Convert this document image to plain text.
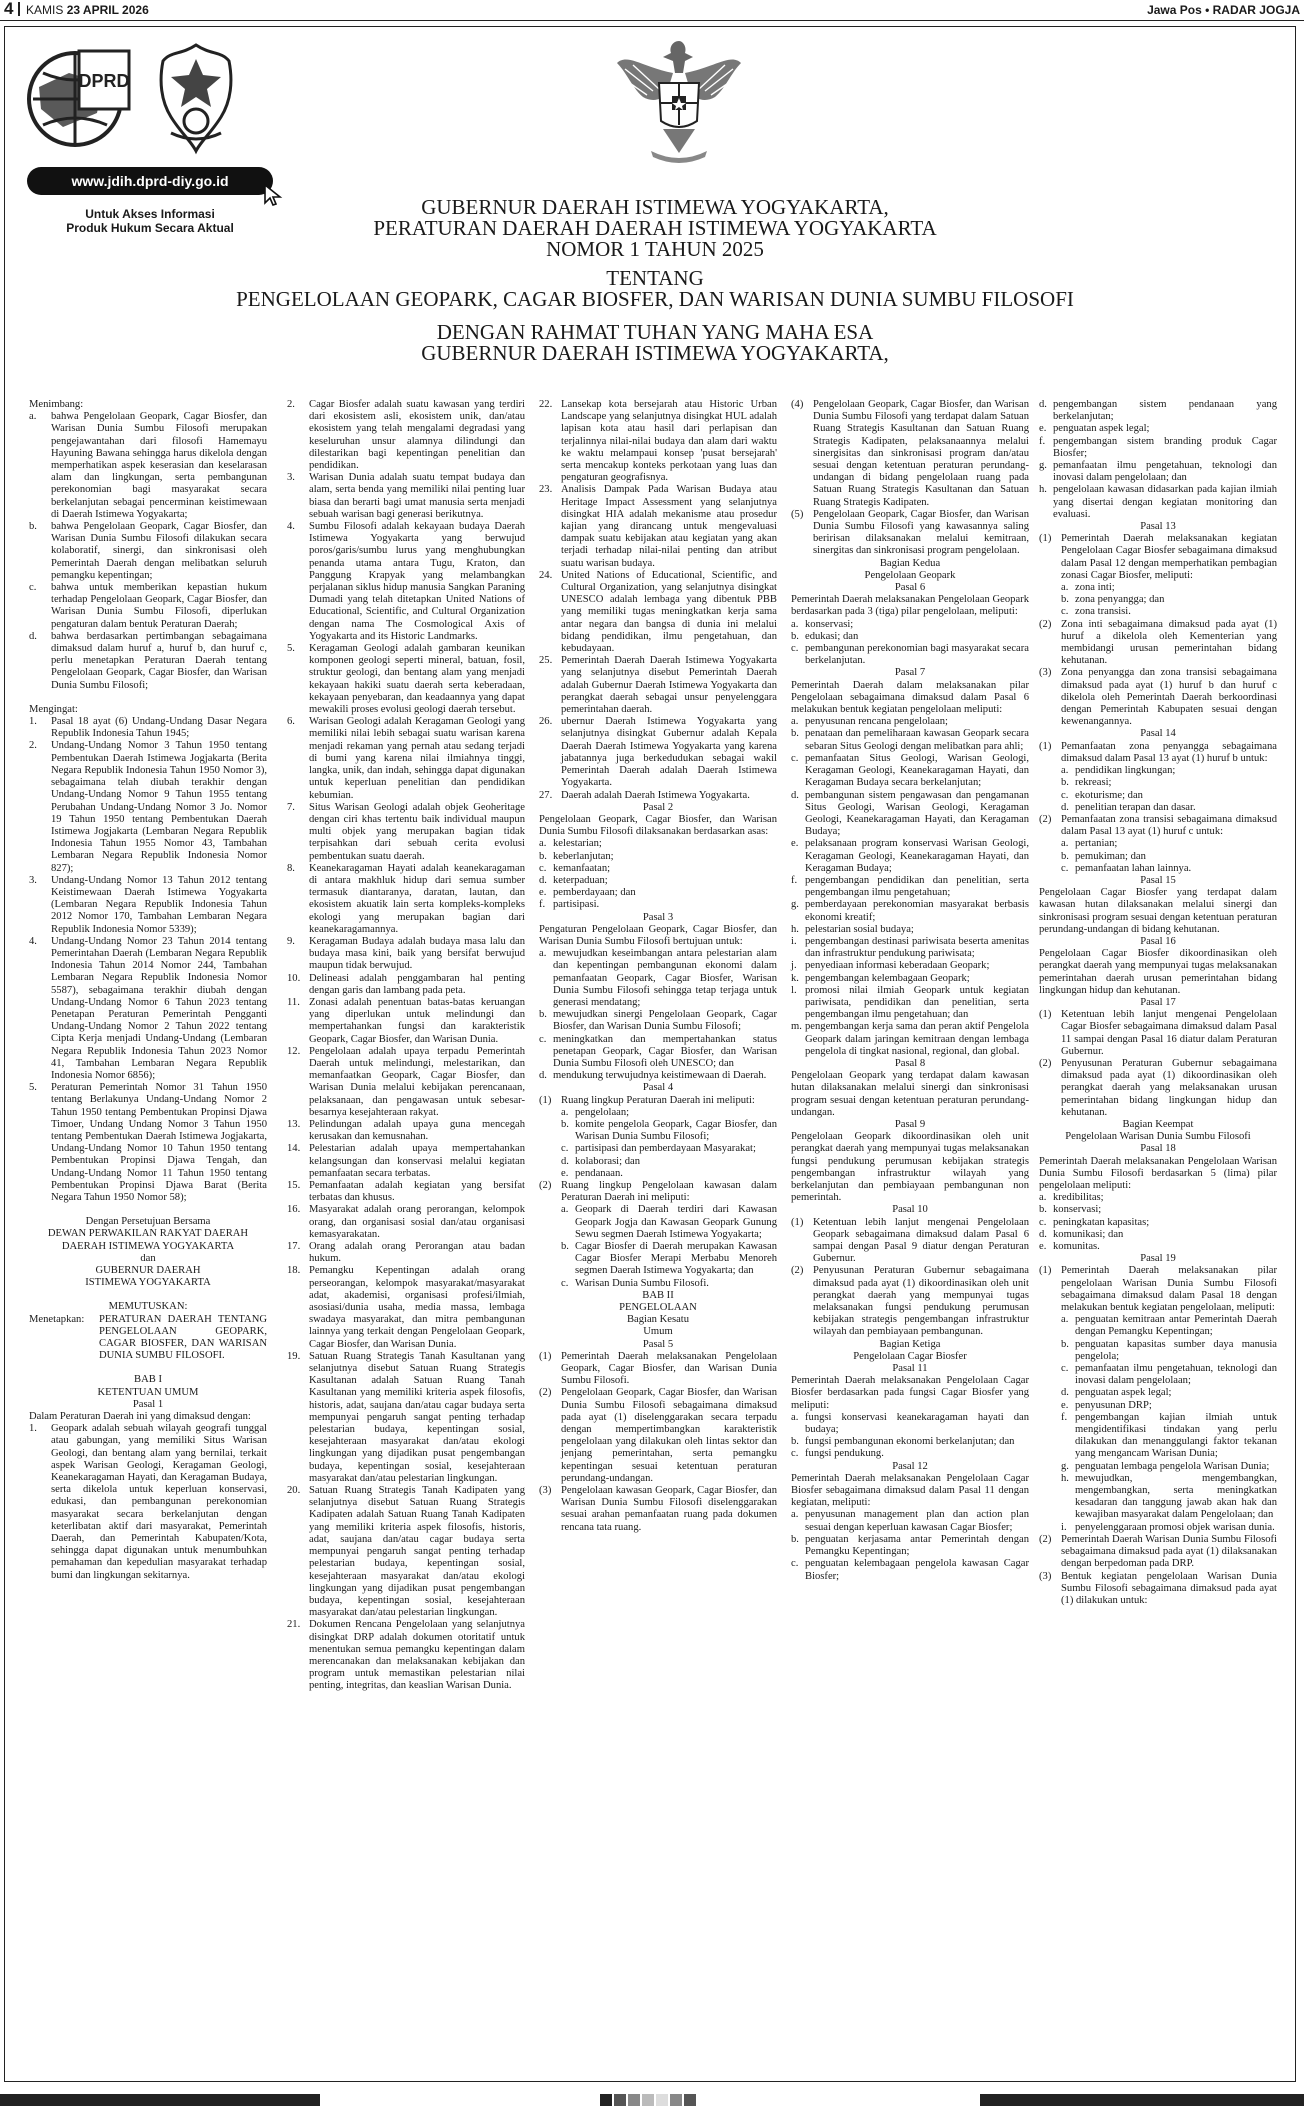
4 KAMIS 23 APRIL 2026	Jawa Pos • RADAR JOGJA
DPRD
www.jdih.dprd-diy.go.id
Untuk Akses Informasi
Produk Hukum Secara Aktual
GUBERNUR DAERAH ISTIMEWA YOGYAKARTA,
PERATURAN DAERAH DAERAH ISTIMEWA YOGYAKARTA
NOMOR 1 TAHUN 2025
TENTANG
PENGELOLAAN GEOPARK, CAGAR BIOSFER, DAN WARISAN DUNIA SUMBU FILOSOFI
DENGAN RAHMAT TUHAN YANG MAHA ESA
GUBERNUR DAERAH ISTIMEWA YOGYAKARTA,

Menimbang:

a. bahwa Pengelolaan Geopark, Cagar Biosfer, dan Warisan Dunia Sumbu Filosofi merupakan pengejawantahan dari filosofi Hamemayu Hayuning Bawana sehingga harus dikelola dengan memperhatikan aspek keserasian dan keselarasan alam dan lingkungan, serta pembangunan perekonomian bagi masyarakat secara berkelanjutan sebagai pencerminan keistimewaan di Daerah Istimewa Yogyakarta;
b. bahwa Pengelolaan Geopark, Cagar Biosfer, dan Warisan Dunia Sumbu Filosofi dilakukan secara kolaboratif, sinergi, dan sinkronisasi oleh Pemerintah Daerah dengan melibatkan seluruh pemangku kepentingan;
c. bahwa untuk memberikan kepastian hukum terhadap Pengelolaan Geopark, Cagar Biosfer, dan Warisan Dunia Sumbu Filosofi, diperlukan pengaturan dalam bentuk Peraturan Daerah;
d. bahwa berdasarkan pertimbangan sebagaimana dimaksud dalam huruf a, huruf b, dan huruf c, perlu menetapkan Peraturan Daerah tentang Pengelolaan Geopark, Cagar Biosfer, dan Warisan Dunia Sumbu Filosofi;

Mengingat:

1. Pasal 18 ayat (6) Undang-Undang Dasar Negara Republik Indonesia Tahun 1945;
2. Undang-Undang Nomor 3 Tahun 1950 tentang Pembentukan Daerah Istimewa Jogjakarta (Berita Negara Republik Indonesia Tahun 1950 Nomor 3), sebagaimana telah diubah terakhir dengan Undang-Undang Nomor 9 Tahun 1955 tentang Perubahan Undang-Undang Nomor 3 Jo. Nomor 19 Tahun 1950 tentang Pembentukan Daerah Istimewa Jogjakarta (Lembaran Negara Republik Indonesia Tahun 1955 Nomor 43, Tambahan Lembaran Negara Republik Indonesia Nomor 827);
3. Undang-Undang Nomor 13 Tahun 2012 tentang Keistimewaan Daerah Istimewa Yogyakarta (Lembaran Negara Republik Indonesia Tahun 2012 Nomor 170, Tambahan Lembaran Negara Republik Indonesia Nomor 5339);
4. Undang-Undang Nomor 23 Tahun 2014 tentang Pemerintahan Daerah (Lembaran Negara Republik Indonesia Tahun 2014 Nomor 244, Tambahan Lembaran Negara Republik Indonesia Nomor 5587), sebagaimana terakhir diubah dengan Undang-Undang Nomor 6 Tahun 2023 tentang Penetapan Peraturan Pemerintah Pengganti Undang-Undang Nomor 2 Tahun 2022 tentang Cipta Kerja menjadi Undang-Undang (Lembaran Negara Republik Indonesia Tahun 2023 Nomor 41, Tambahan Lembaran Negara Republik Indonesia Nomor 6856);
5. Peraturan Pemerintah Nomor 31 Tahun 1950 tentang Berlakunya Undang-Undang Nomor 2 Tahun 1950 tentang Pembentukan Propinsi Djawa Timoer, Undang Undang Nomor 3 Tahun 1950 tentang Pembentukan Daerah Istimewa Jogjakarta, Undang-Undang Nomor 10 Tahun 1950 tentang Pembentukan Propinsi Djawa Tengah, dan Undang-Undang Nomor 11 Tahun 1950 tentang Pembentukan Propinsi Djawa Barat (Berita Negara Tahun 1950 Nomor 58);
Dengan Persetujuan Bersama
DEWAN PERWAKILAN RAKYAT DAERAH
DAERAH ISTIMEWA YOGYAKARTA
dan
GUBERNUR DAERAH
ISTIMEWA YOGYAKARTA
MEMUTUSKAN:
Menetapkan:	PERATURAN DAERAH TENTANG PENGELOLAAN GEOPARK, CAGAR BIOSFER, DAN WARISAN DUNIA SUMBU FILOSOFI.
BAB I
KETENTUAN UMUM
Pasal 1

Dalam Peraturan Daerah ini yang dimaksud dengan:

1. Geopark adalah sebuah wilayah geografi tunggal atau gabungan, yang memiliki Situs Warisan Geologi, dan bentang alam yang bernilai, terkait aspek Warisan Geologi, Keragaman Geologi, Keanekaragaman Hayati, dan Keragaman Budaya, serta dikelola untuk keperluan konservasi, edukasi, dan pembangunan perekonomian masyarakat secara berkelanjutan dengan keterlibatan aktif dari masyarakat, Pemerintah Daerah, dan Pemerintah Kabupaten/Kota, sehingga dapat digunakan untuk menumbuhkan pemahaman dan kepedulian masyarakat terhadap bumi dan lingkungan sekitarnya.
2. Cagar Biosfer adalah suatu kawasan yang terdiri dari ekosistem asli, ekosistem unik, dan/atau ekosistem yang telah mengalami degradasi yang keseluruhan unsur alamnya dilindungi dan dilestarikan bagi kepentingan penelitian dan pendidikan.
3. Warisan Dunia adalah suatu tempat budaya dan alam, serta benda yang memiliki nilai penting luar biasa dan berarti bagi umat manusia serta menjadi sebuah warisan bagi generasi berikutnya.
4. Sumbu Filosofi adalah kekayaan budaya Daerah Istimewa Yogyakarta yang berwujud poros/garis/sumbu lurus yang menghubungkan penanda utama antara Tugu, Kraton, dan Panggung Krapyak yang melambangkan perjalanan siklus hidup manusia Sangkan Paraning Dumadi yang telah ditetapkan United Nations of Educational, Scientific, and Cultural Organization dengan nama The Cosmological Axis of Yogyakarta and its Historic Landmarks.
5. Keragaman Geologi adalah gambaran keunikan komponen geologi seperti mineral, batuan, fosil, struktur geologi, dan bentang alam yang menjadi kekayaan hakiki suatu daerah serta keberadaan, kekayaan penyebaran, dan keadaannya yang dapat mewakili proses evolusi geologi daerah tersebut.
6. Warisan Geologi adalah Keragaman Geologi yang memiliki nilai lebih sebagai suatu warisan karena menjadi rekaman yang pernah atau sedang terjadi di bumi yang karena nilai ilmiahnya tinggi, langka, unik, dan indah, sehingga dapat digunakan untuk keperluan penelitian dan pendidikan kebumian.
7. Situs Warisan Geologi adalah objek Geoheritage dengan ciri khas tertentu baik individual maupun multi objek yang merupakan bagian tidak terpisahkan dari sebuah cerita evolusi pembentukan suatu daerah.
8. Keanekaragaman Hayati adalah keanekaragaman di antara makhluk hidup dari semua sumber termasuk diantaranya, daratan, lautan, dan ekosistem akuatik lain serta kompleks-kompleks ekologi yang merupakan bagian dari keanekaragamannya.
9. Keragaman Budaya adalah budaya masa lalu dan budaya masa kini, baik yang bersifat berwujud maupun tidak berwujud.
10. Delineasi adalah penggambaran hal penting dengan garis dan lambang pada peta.
11. Zonasi adalah penentuan batas-batas keruangan yang diperlukan untuk melindungi dan mempertahankan fungsi dan karakteristik Geopark, Cagar Biosfer, dan Warisan Dunia.
12. Pengelolaan adalah upaya terpadu Pemerintah Daerah untuk melindungi, melestarikan, dan memanfaatkan Geopark, Cagar Biosfer, dan Warisan Dunia melalui kebijakan perencanaan, pelaksanaan, dan pengawasan untuk sebesar-besarnya kesejahteraan rakyat.
13. Pelindungan adalah upaya guna mencegah kerusakan dan kemusnahan.
14. Pelestarian adalah upaya mempertahankan kelangsungan dan konservasi melalui kegiatan pemanfaatan secara terbatas.
15. Pemanfaatan adalah kegiatan yang bersifat terbatas dan khusus.
16. Masyarakat adalah orang perorangan, kelompok orang, dan organisasi sosial dan/atau organisasi kemasyarakatan.
17. Orang adalah orang Perorangan atau badan hukum.
18. Pemangku Kepentingan adalah orang perseorangan, kelompok masyarakat/masyarakat adat, akademisi, organisasi profesi/ilmiah, asosiasi/dunia usaha, media massa, lembaga swadaya masyarakat, dan mitra pembangunan lainnya yang terkait dengan Pengelolaan Geopark, Cagar Biosfer, dan Warisan Dunia.
19. Satuan Ruang Strategis Tanah Kasultanan yang selanjutnya disebut Satuan Ruang Strategis Kasultanan adalah Satuan Ruang Tanah Kasultanan yang memiliki kriteria aspek filosofis, historis, adat, saujana dan/atau cagar budaya serta mempunyai pengaruh sangat penting terhadap pelestarian budaya, kepentingan sosial, kesejahteraan masyarakat dan/atau ekologi lingkungan yang dijadikan pusat pengembangan budaya, kepentingan sosial, kesejahteraan masyarakat dan/atau pelestarian lingkungan.
20. Satuan Ruang Strategis Tanah Kadipaten yang selanjutnya disebut Satuan Ruang Strategis Kadipaten adalah Satuan Ruang Tanah Kadipaten yang memiliki kriteria aspek filosofis, historis, adat, saujana dan/atau cagar budaya serta mempunyai pengaruh sangat penting terhadap pelestarian budaya, kepentingan sosial, kesejahteraan masyarakat dan/atau ekologi lingkungan yang dijadikan pusat pengembangan budaya, kepentingan sosial, kesejahteraan masyarakat dan/atau pelestarian lingkungan.
21. Dokumen Rencana Pengelolaan yang selanjutnya disingkat DRP adalah dokumen otoritatif untuk menentukan semua pemangku kepentingan dalam merencanakan dan melaksanakan kebijakan dan program untuk memastikan pelestarian nilai penting, integritas, dan keaslian Warisan Dunia.
22. Lansekap kota bersejarah atau Historic Urban Landscape yang selanjutnya disingkat HUL adalah lapisan kota atau hasil dari perlapisan dan terjalinnya nilai-nilai budaya dan alam dari waktu ke waktu melampaui konsep 'pusat bersejarah' serta mencakup konteks perkotaan yang luas dan pengaturan geografisnya.
23. Analisis Dampak Pada Warisan Budaya atau Heritage Impact Assessment yang selanjutnya disingkat HIA adalah mekanisme atau prosedur kajian yang dirancang untuk mengevaluasi dampak suatu kebijakan atau kegiatan yang akan terjadi terhadap nilai-nilai penting dan atribut suatu warisan budaya.
24. United Nations of Educational, Scientific, and Cultural Organization, yang selanjutnya disingkat UNESCO adalah lembaga yang dibentuk PBB yang memiliki tugas meningkatkan kerja sama antar negara dan bangsa di dunia ini melalui bidang pendidikan, ilmu pengetahuan, dan kebudayaan.
25. Pemerintah Daerah Daerah Istimewa Yogyakarta yang selanjutnya disebut Pemerintah Daerah adalah Gubernur Daerah Istimewa Yogyakarta dan perangkat daerah sebagai unsur penyelenggara pemerintahan daerah.
26. ubernur Daerah Istimewa Yogyakarta yang selanjutnya disingkat Gubernur adalah Kepala Daerah Daerah Istimewa Yogyakarta yang karena jabatannya juga berkedudukan sebagai wakil Pemerintah Daerah adalah Daerah Istimewa Yogyakarta.
27. Daerah adalah Daerah Istimewa Yogyakarta.
Pasal 2

Pengelolaan Geopark, Cagar Biosfer, dan Warisan Dunia Sumbu Filosofi dilaksanakan berdasarkan asas:

a. kelestarian;
b. keberlanjutan;
c. kemanfaatan;
d. keterpaduan;
e. pemberdayaan; dan
f. partisipasi.
Pasal 3

Pengaturan Pengelolaan Geopark, Cagar Biosfer, dan Warisan Dunia Sumbu Filosofi bertujuan untuk:

a. mewujudkan keseimbangan antara pelestarian alam dan kepentingan pembangunan ekonomi dalam pemanfaatan Geopark, Cagar Biosfer, Warisan Dunia Sumbu Filosofi sehingga tetap terjaga untuk generasi mendatang;
b. mewujudkan sinergi Pengelolaan Geopark, Cagar Biosfer, dan Warisan Dunia Sumbu Filosofi;
c. meningkatkan dan mempertahankan status penetapan Geopark, Cagar Biosfer, dan Warisan Dunia Sumbu Filosofi oleh UNESCO; dan
d. mendukung terwujudnya keistimewaan di Daerah.
Pasal 4
(1) Ruang lingkup Peraturan Daerah ini meliputi:
a. pengelolaan;
b. komite pengelola Geopark, Cagar Biosfer, dan Warisan Dunia Sumbu Filosofi;
c. partisipasi dan pemberdayaan Masyarakat;
d. kolaborasi; dan
e. pendanaan.
(2) Ruang lingkup Pengelolaan kawasan dalam Peraturan Daerah ini meliputi:
a. Geopark di Daerah terdiri dari Kawasan Geopark Jogja dan Kawasan Geopark Gunung Sewu segmen Daerah Istimewa Yogyakarta;
b. Cagar Biosfer di Daerah merupakan Kawasan Cagar Biosfer Merapi Merbabu Menoreh segmen Daerah Istimewa Yogyakarta; dan
c. Warisan Dunia Sumbu Filosofi.
BAB II
PENGELOLAAN
Bagian Kesatu
Umum
Pasal 5
(1) Pemerintah Daerah melaksanakan Pengelolaan Geopark, Cagar Biosfer, dan Warisan Dunia Sumbu Filosofi.
(2) Pengelolaan Geopark, Cagar Biosfer, dan Warisan Dunia Sumbu Filosofi sebagaimana dimaksud pada ayat (1) diselenggarakan secara terpadu dengan mempertimbangkan karakteristik pengelolaan yang dilakukan oleh lintas sektor dan jenjang pemerintahan, serta pemangku kepentingan sesuai ketentuan peraturan perundang-undangan.
(3) Pengelolaan kawasan Geopark, Cagar Biosfer, dan Warisan Dunia Sumbu Filosofi diselenggarakan sesuai arahan pemanfaatan ruang pada dokumen rencana tata ruang.
(4) Pengelolaan Geopark, Cagar Biosfer, dan Warisan Dunia Sumbu Filosofi yang terdapat dalam Satuan Ruang Strategis Kasultanan dan Satuan Ruang Strategis Kadipaten, pelaksanaannya melalui sinergisitas dan sinkronisasi program dan/atau sesuai dengan ketentuan peraturan perundang-undangan di bidang pengelolaan ruang pada Satuan Ruang Strategis Kasultanan dan Satuan Ruang Strategis Kadipaten.
(5) Pengelolaan Geopark, Cagar Biosfer, dan Warisan Dunia Sumbu Filosofi yang kawasannya saling beririsan dilaksanakan melalui kemitraan, sinergitas dan sinkronisasi program pengelolaan.
Bagian Kedua
Pengelolaan Geopark
Pasal 6

Pemerintah Daerah melaksanakan Pengelolaan Geopark berdasarkan pada 3 (tiga) pilar pengelolaan, meliputi:

a. konservasi;
b. edukasi; dan
c. pembangunan perekonomian bagi masyarakat secara berkelanjutan.
Pasal 7

Pemerintah Daerah dalam melaksanakan pilar Pengelolaan sebagaimana dimaksud dalam Pasal 6 melakukan bentuk kegiatan pengelolaan meliputi:

a. penyusunan rencana pengelolaan;
b. penataan dan pemeliharaan kawasan Geopark secara sebaran Situs Geologi dengan melibatkan para ahli;
c. pemanfaatan Situs Geologi, Warisan Geologi, Keragaman Geologi, Keanekaragaman Hayati, dan Keragaman Budaya secara berkelanjutan;
d. pembangunan sistem pengawasan dan pengamanan Situs Geologi, Warisan Geologi, Keragaman Geologi, Keanekaragaman Hayati, dan Keragaman Budaya;
e. pelaksanaan program konservasi Warisan Geologi, Keragaman Geologi, Keanekaragaman Hayati, dan Keragaman Budaya;
f. pengembangan pendidikan dan penelitian, serta pengembangan ilmu pengetahuan;
g. pemberdayaan perekonomian masyarakat berbasis ekonomi kreatif;
h. pelestarian sosial budaya;
i. pengembangan destinasi pariwisata beserta amenitas dan infrastruktur pendukung pariwisata;
j. penyediaan informasi keberadaan Geopark;
k. pengembangan kelembagaan Geopark;
l. promosi nilai ilmiah Geopark untuk kegiatan pariwisata, pendidikan dan penelitian, serta pengembangan ilmu pengetahuan; dan
m. pengembangan kerja sama dan peran aktif Pengelola Geopark dalam jaringan kemitraan dengan lembaga pengelola di tingkat nasional, regional, dan global.
Pasal 8

Pengelolaan Geopark yang terdapat dalam kawasan hutan dilaksanakan melalui sinergi dan sinkronisasi program sesuai dengan ketentuan peraturan perundang-undangan.

Pasal 9

Pengelolaan Geopark dikoordinasikan oleh unit perangkat daerah yang mempunyai tugas melaksanakan fungsi pendukung perumusan kebijakan strategis pengembangan infrastruktur wilayah yang berkelanjutan dan pembiayaan pembangunan non pemerintah.

Pasal 10
(1) Ketentuan lebih lanjut mengenai Pengelolaan Geopark sebagaimana dimaksud dalam Pasal 6 sampai dengan Pasal 9 diatur dengan Peraturan Gubernur.
(2) Penyusunan Peraturan Gubernur sebagaimana dimaksud pada ayat (1) dikoordinasikan oleh unit perangkat daerah yang mempunyai tugas melaksanakan fungsi pendukung perumusan kebijakan strategis pengembangan infrastruktur wilayah dan pembiayaan pembangunan.
Bagian Ketiga
Pengelolaan Cagar Biosfer
Pasal 11

Pemerintah Daerah melaksanakan Pengelolaan Cagar Biosfer berdasarkan pada fungsi Cagar Biosfer yang meliputi:

a. fungsi konservasi keanekaragaman hayati dan budaya;
b. fungsi pembangunan ekonomi berkelanjutan; dan
c. fungsi pendukung.
Pasal 12

Pemerintah Daerah melaksanakan Pengelolaan Cagar Biosfer sebagaimana dimaksud dalam Pasal 11 dengan kegiatan, meliputi:

a. penyusunan management plan dan action plan sesuai dengan keperluan kawasan Cagar Biosfer;
b. penguatan kerjasama antar Pemerintah dengan Pemangku Kepentingan;
c. penguatan kelembagaan pengelola kawasan Cagar Biosfer;
d. pengembangan sistem pendanaan yang berkelanjutan;
e. penguatan aspek legal;
f. pengembangan sistem branding produk Cagar Biosfer;
g. pemanfaatan ilmu pengetahuan, teknologi dan inovasi dalam pengelolaan; dan
h. pengelolaan kawasan didasarkan pada kajian ilmiah yang disertai dengan kegiatan monitoring dan evaluasi.
Pasal 13
(1) Pemerintah Daerah melaksanakan kegiatan Pengelolaan Cagar Biosfer sebagaimana dimaksud dalam Pasal 12 dengan memperhatikan pembagian zonasi Cagar Biosfer, meliputi:
a. zona inti;
b. zona penyangga; dan
c. zona transisi.
(2) Zona inti sebagaimana dimaksud pada ayat (1) huruf a dikelola oleh Kementerian yang membidangi urusan pemerintahan bidang kehutanan.
(3) Zona penyangga dan zona transisi sebagaimana dimaksud pada ayat (1) huruf b dan huruf c dikelola oleh Pemerintah Daerah berkoordinasi dengan Pemerintah Kabupaten sesuai dengan kewenangannya.
Pasal 14
(1) Pemanfaatan zona penyangga sebagaimana dimaksud dalam Pasal 13 ayat (1) huruf b untuk:
a. pendidikan lingkungan;
b. rekreasi;
c. ekoturisme; dan
d. penelitian terapan dan dasar.
(2) Pemanfaatan zona transisi sebagaimana dimaksud dalam Pasal 13 ayat (1) huruf c untuk:
a. pertanian;
b. pemukiman; dan
c. pemanfaatan lahan lainnya.
Pasal 15

Pengelolaan Cagar Biosfer yang terdapat dalam kawasan hutan dilaksanakan melalui sinergi dan sinkronisasi program sesuai dengan ketentuan peraturan perundang-undangan di bidang kehutanan.

Pasal 16

Pengelolaan Cagar Biosfer dikoordinasikan oleh perangkat daerah yang mempunyai tugas melaksanakan pemerintahan daerah urusan pemerintahan bidang lingkungan hidup dan kehutanan.

Pasal 17
(1) Ketentuan lebih lanjut mengenai Pengelolaan Cagar Biosfer sebagaimana dimaksud dalam Pasal 11 sampai dengan Pasal 16 diatur dalam Peraturan Gubernur.
(2) Penyusunan Peraturan Gubernur sebagaimana dimaksud pada ayat (1) dikoordinasikan oleh perangkat daerah yang melaksanakan urusan pemerintahan bidang lingkungan hidup dan kehutanan.
Bagian Keempat
Pengelolaan Warisan Dunia Sumbu Filosofi
Pasal 18

Pemerintah Daerah melaksanakan Pengelolaan Warisan Dunia Sumbu Filosofi berdasarkan 5 (lima) pilar pengelolaan meliputi:

a. kredibilitas;
b. konservasi;
c. peningkatan kapasitas;
d. komunikasi; dan
e. komunitas.
Pasal 19
(1) Pemerintah Daerah melaksanakan pilar pengelolaan Warisan Dunia Sumbu Filosofi sebagaimana dimaksud dalam Pasal 18 dengan melakukan bentuk kegiatan pengelolaan, meliputi:
a. penguatan kemitraan antar Pemerintah Daerah dengan Pemangku Kepentingan;
b. penguatan kapasitas sumber daya manusia pengelola;
c. pemanfaatan ilmu pengetahuan, teknologi dan inovasi dalam pengelolaan;
d. penguatan aspek legal;
e. penyusunan DRP;
f. pengembangan kajian ilmiah untuk mengidentifikasi tindakan yang perlu dilakukan dan menanggulangi faktor tekanan yang mengancam Warisan Dunia;
g. penguatan lembaga pengelola Warisan Dunia;
h. mewujudkan, mengembangkan, mengembangkan, serta meningkatkan kesadaran dan tanggung jawab akan hak dan kewajiban masyarakat dalam Pengelolaan; dan
i. penyelenggaraan promosi objek warisan dunia.
(2) Pemerintah Daerah Warisan Dunia Sumbu Filosofi sebagaimana dimaksud pada ayat (1) dilaksanakan dengan berpedoman pada DRP.
(3) Bentuk kegiatan pengelolaan Warisan Dunia Sumbu Filosofi sebagaimana dimaksud pada ayat (1) dilakukan untuk:
